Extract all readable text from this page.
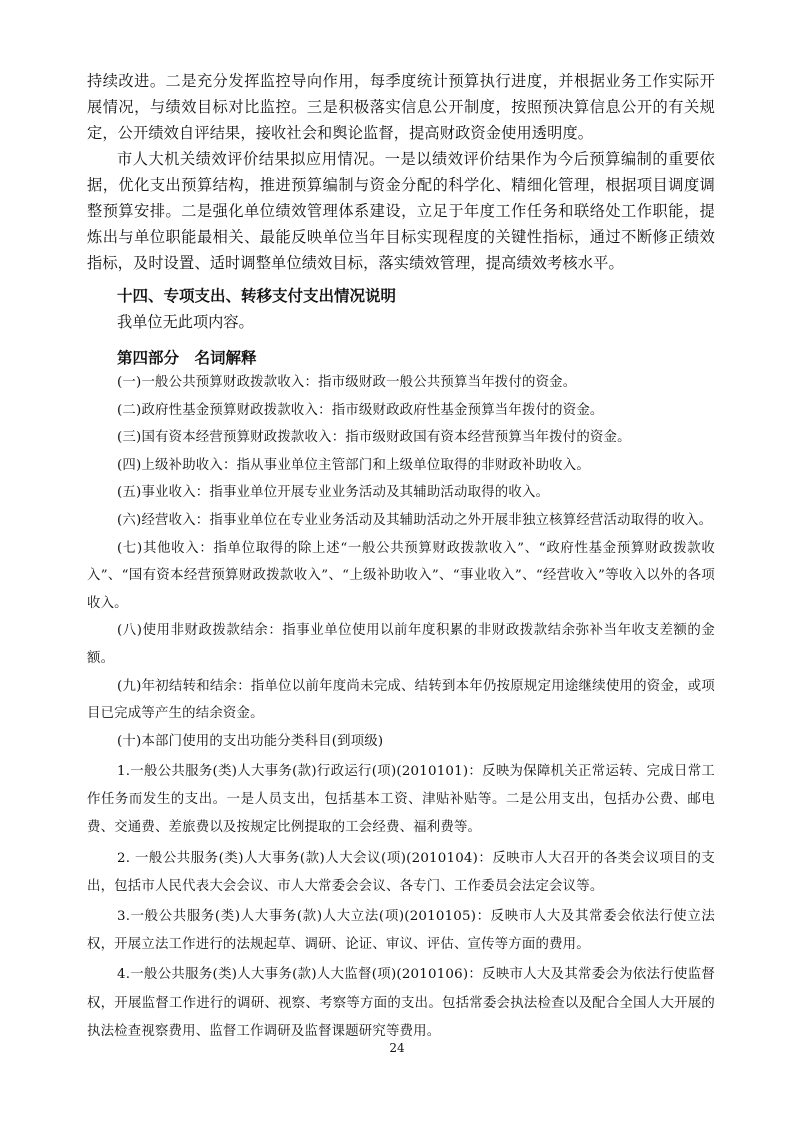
持续改进。二是充分发挥监控导向作用，每季度统计预算执行进度，并根据业务工作实际开展情况，与绩效目标对比监控。三是积极落实信息公开制度，按照预决算信息公开的有关规定，公开绩效自评结果，接收社会和舆论监督，提高财政资金使用透明度。

市人大机关绩效评价结果拟应用情况。一是以绩效评价结果作为今后预算编制的重要依据，优化支出预算结构，推进预算编制与资金分配的科学化、精细化管理，根据项目调度调整预算安排。二是强化单位绩效管理体系建设，立足于年度工作任务和联络处工作职能，提炼出与单位职能最相关、最能反映单位当年目标实现程度的关键性指标，通过不断修正绩效指标，及时设置、适时调整单位绩效目标，落实绩效管理，提高绩效考核水平。

十四、专项支出、转移支付支出情况说明

我单位无此项内容。

第四部分　名词解释

(一)一般公共预算财政拨款收入：指市级财政一般公共预算当年拨付的资金。
(二)政府性基金预算财政拨款收入：指市级财政政府性基金预算当年拨付的资金。
(三)国有资本经营预算财政拨款收入：指市级财政国有资本经营预算当年拨付的资金。
(四)上级补助收入：指从事业单位主管部门和上级单位取得的非财政补助收入。
(五)事业收入：指事业单位开展专业业务活动及其辅助活动取得的收入。
(六)经营收入：指事业单位在专业业务活动及其辅助活动之外开展非独立核算经营活动取得的收入。
(七)其他收入：指单位取得的除上述“一般公共预算财政拨款收入”、“政府性基金预算财政拨款收入”、“国有资本经营预算财政拨款收入”、“上级补助收入”、“事业收入”、“经营收入”等收入以外的各项收入。
(八)使用非财政拨款结余：指事业单位使用以前年度积累的非财政拨款结余弥补当年收支差额的金额。
(九)年初结转和结余：指单位以前年度尚未完成、结转到本年仍按原规定用途继续使用的资金，或项目已完成等产生的结余资金。
(十)本部门使用的支出功能分类科目(到项级)
1.一般公共服务(类)人大事务(款)行政运行(项)(2010101)：反映为保障机关正常运转、完成日常工作任务而发生的支出。一是人员支出，包括基本工资、津贴补贴等。二是公用支出，包括办公费、邮电费、交通费、差旅费以及按规定比例提取的工会经费、福利费等。
2. 一般公共服务(类)人大事务(款)人大会议(项)(2010104)：反映市人大召开的各类会议项目的支出，包括市人民代表大会会议、市人大常委会会议、各专门、工作委员会法定会议等。
3.一般公共服务(类)人大事务(款)人大立法(项)(2010105)：反映市人大及其常委会依法行使立法权，开展立法工作进行的法规起草、调研、论证、审议、评估、宣传等方面的费用。
4.一般公共服务(类)人大事务(款)人大监督(项)(2010106)：反映市人大及其常委会为依法行使监督权，开展监督工作进行的调研、视察、考察等方面的支出。包括常委会执法检查以及配合全国人大开展的执法检查视察费用、监督工作调研及监督课题研究等费用。
24
